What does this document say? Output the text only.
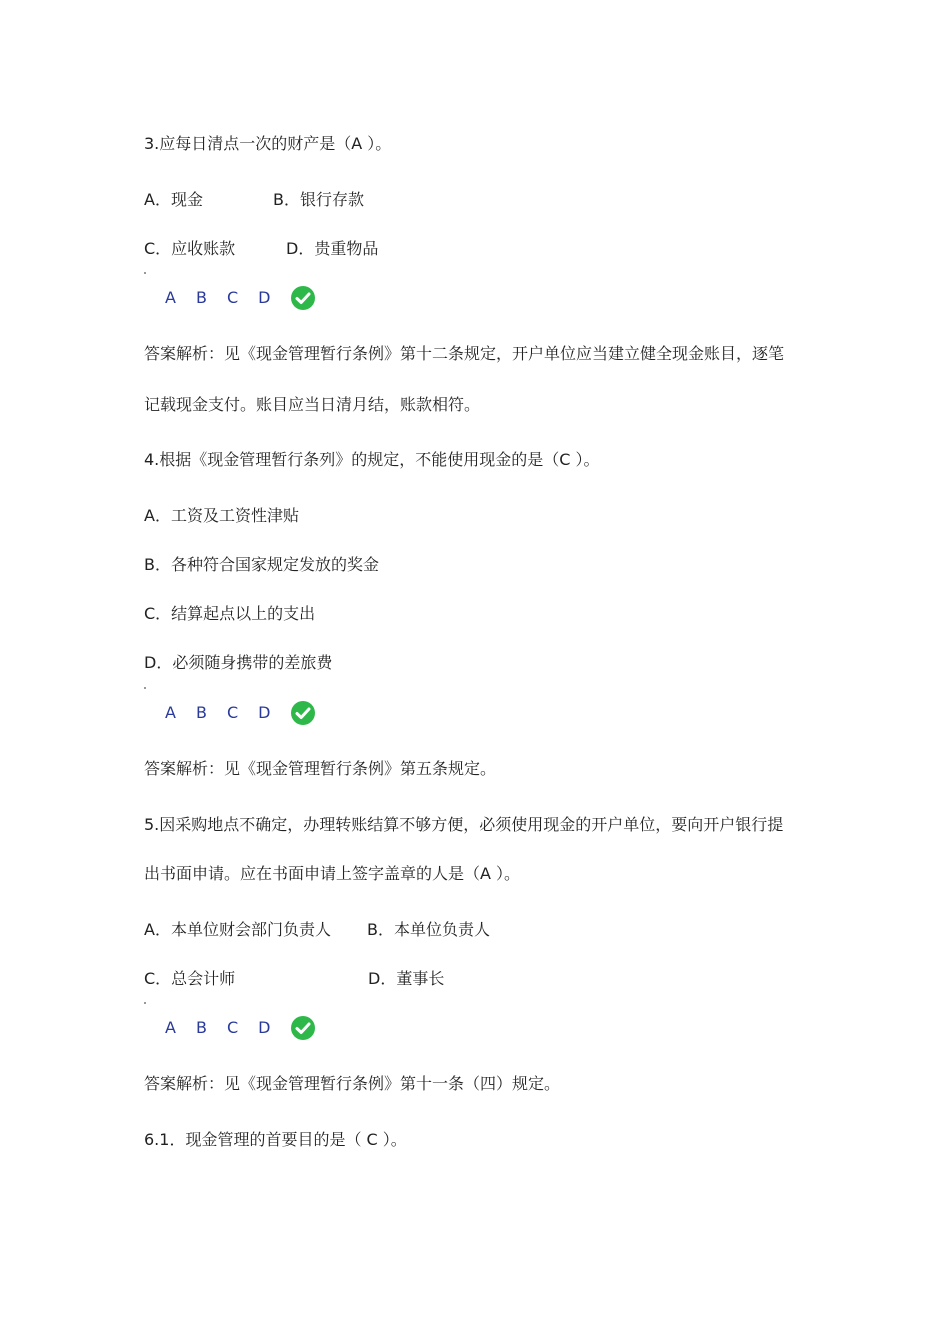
3.应每日清点一次的财产是（A ）。
A．现金	B．银行存款
C．应收账款	D．贵重物品
A B C D
答案解析：见《现金管理暂行条例》第十二条规定，开户单位应当建立健全现金账目，逐笔
记载现金支付。账目应当日清月结，账款相符。
4.根据《现金管理暂行条列》的规定，不能使用现金的是（C ）。
A．工资及工资性津贴
B．各种符合国家规定发放的奖金
C．结算起点以上的支出
D．必须随身携带的差旅费
A B C D
答案解析：见《现金管理暂行条例》第五条规定。
5.因采购地点不确定，办理转账结算不够方便，必须使用现金的开户单位，要向开户银行提
出书面申请。应在书面申请上签字盖章的人是（A ）。
A．本单位财会部门负责人 B．本单位负责人
C．总会计师	D．董事长
A B C D
答案解析：见《现金管理暂行条例》第十一条（四）规定。
6.1．现金管理的首要目的是（ C ）。
